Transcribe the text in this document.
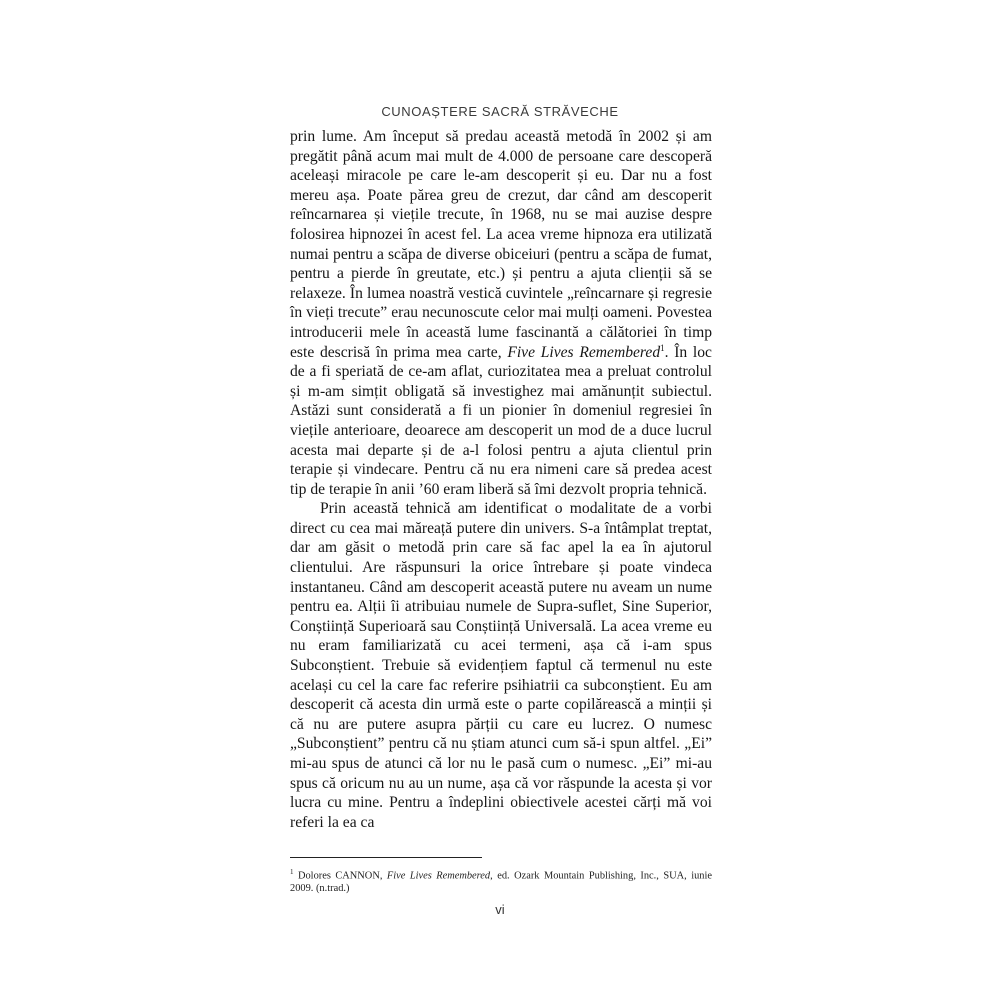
CUNOAȘTERE SACRĂ STRĂVECHE

prin lume. Am început să predau această metodă în 2002 și am pregătit până acum mai mult de 4.000 de persoane care descoperă aceleași miracole pe care le-am descoperit și eu. Dar nu a fost mereu așa. Poate părea greu de crezut, dar când am descoperit reîncarnarea și viețile trecute, în 1968, nu se mai auzise despre folosirea hipnozei în acest fel. La acea vreme hipnoza era utilizată numai pentru a scăpa de diverse obiceiuri (pentru a scăpa de fumat, pentru a pierde în greutate, etc.) și pentru a ajuta clienții să se relaxeze. În lumea noastră vestică cuvintele „reîncarnare și regresie în vieți trecute” erau necunoscute celor mai mulți oameni. Povestea introducerii mele în această lume fascinantă a călătoriei în timp este descrisă în prima mea carte, Five Lives Remembered$^1$. În loc de a fi speriată de ce-am aflat, curiozitatea mea a preluat controlul și m-am simțit obligată să investighez mai amănunțit subiectul. Astăzi sunt considerată a fi un pionier în domeniul regresiei în viețile anterioare, deoarece am descoperit un mod de a duce lucrul acesta mai departe și de a-l folosi pentru a ajuta clientul prin terapie și vindecare. Pentru că nu era nimeni care să predea acest tip de terapie în anii ’60 eram liberă să îmi dezvolt propria tehnică.

Prin această tehnică am identificat o modalitate de a vorbi direct cu cea mai măreață putere din univers. S-a întâmplat treptat, dar am găsit o metodă prin care să fac apel la ea în ajutorul clientului. Are răspunsuri la orice întrebare și poate vindeca instantaneu. Când am descoperit această putere nu aveam un nume pentru ea. Alții îi atribuiau numele de Supra-suflet, Sine Superior, Conștiință Superioară sau Conștiință Universală. La acea vreme eu nu eram familiarizată cu acei termeni, așa că i-am spus Subconștient. Trebuie să evidențiem faptul că termenul nu este același cu cel la care fac referire psihiatrii ca subconștient. Eu am descoperit că acesta din urmă este o parte copilărească a minții și că nu are putere asupra părții cu care eu lucrez. O numesc „Subconștient” pentru că nu știam atunci cum să-i spun altfel. „Ei” mi-au spus de atunci că lor nu le pasă cum o numesc. „Ei” mi-au spus că oricum nu au un nume, așa că vor răspunde la acesta și vor lucra cu mine. Pentru a îndeplini obiectivele acestei cărți mă voi referi la ea ca

$^1$ Dolores CANNON, Five Lives Remembered, ed. Ozark Mountain Publishing, Inc., SUA, iunie 2009. (n.trad.)
vi
